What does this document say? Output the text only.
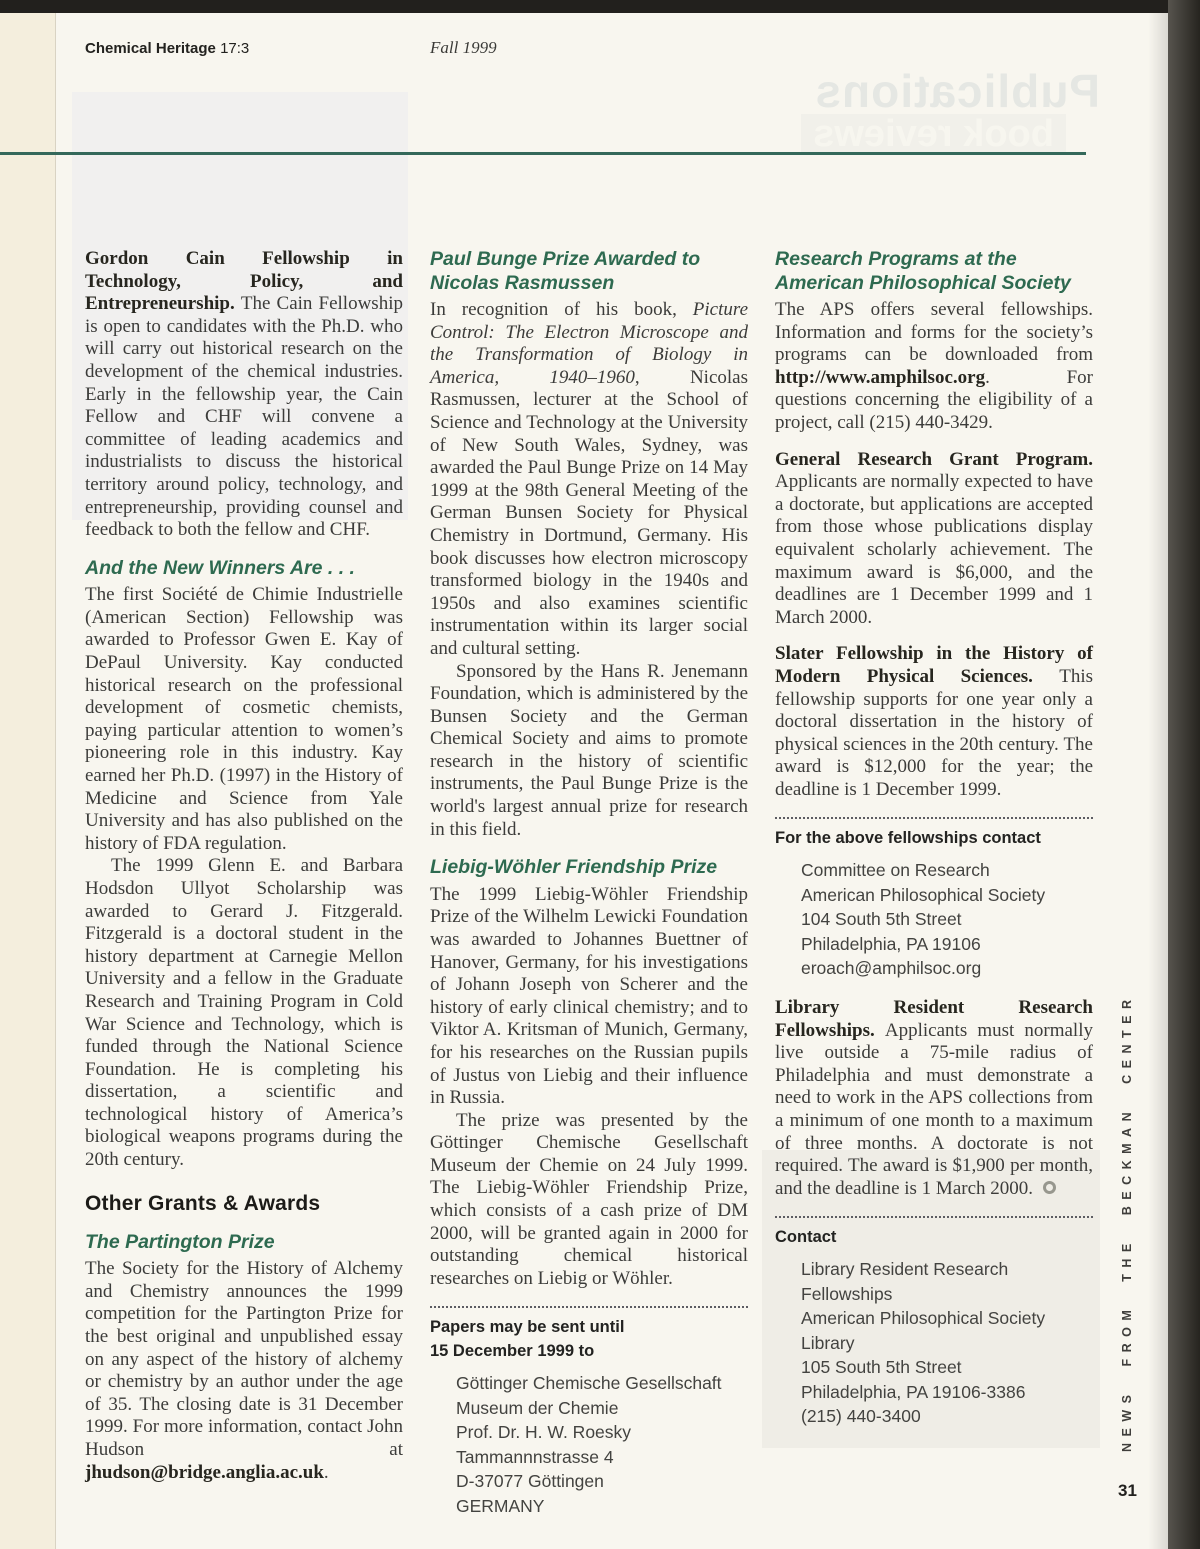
Publications
book reviews
Chemical Heritage 17:3	Fall 1999

Gordon Cain Fellowship in Technology, Policy, and Entrepreneurship. The Cain Fellowship is open to candidates with the Ph.D. who will carry out historical research on the development of the chemical industries. Early in the fellowship year, the Cain Fellow and CHF will convene a committee of leading academics and industrialists to discuss the historical territory around policy, technology, and entrepreneurship, providing counsel and feedback to both the fellow and CHF.

And the New Winners Are . . .

The first Société de Chimie Industrielle (American Section) Fellowship was awarded to Professor Gwen E. Kay of DePaul University. Kay conducted historical research on the professional development of cosmetic chemists, paying particular attention to women’s pioneering role in this industry. Kay earned her Ph.D. (1997) in the History of Medicine and Science from Yale University and has also published on the history of FDA regulation.

The 1999 Glenn E. and Barbara Hodsdon Ullyot Scholarship was awarded to Gerard J. Fitzgerald. Fitzgerald is a doctoral student in the history department at Carnegie Mellon University and a fellow in the Graduate Research and Training Program in Cold War Science and Technology, which is funded through the National Science Foundation. He is completing his dissertation, a scientific and technological history of America’s biological weapons programs during the 20th century.

Other Grants & Awards
The Partington Prize

The Society for the History of Alchemy and Chemistry announces the 1999 competition for the Partington Prize for the best original and unpublished essay on any aspect of the history of alchemy or chemistry by an author under the age of 35. The closing date is 31 December 1999. For more information, contact John Hudson at jhudson@bridge.anglia.ac.uk.

Paul Bunge Prize Awarded to Nicolas Rasmussen

In recognition of his book, Picture Control: The Electron Microscope and the Transformation of Biology in America, 1940–1960, Nicolas Rasmussen, lecturer at the School of Science and Technology at the University of New South Wales, Sydney, was awarded the Paul Bunge Prize on 14 May 1999 at the 98th General Meeting of the German Bunsen Society for Physical Chemistry in Dortmund, Germany. His book discusses how electron microscopy transformed biology in the 1940s and 1950s and also examines scientific instrumentation within its larger social and cultural setting.

Sponsored by the Hans R. Jenemann Foundation, which is administered by the Bunsen Society and the German Chemical Society and aims to promote research in the history of scientific instruments, the Paul Bunge Prize is the world's largest annual prize for research in this field.

Liebig-Wöhler Friendship Prize

The 1999 Liebig-Wöhler Friendship Prize of the Wilhelm Lewicki Foundation was awarded to Johannes Buettner of Hanover, Germany, for his investigations of Johann Joseph von Scherer and the history of early clinical chemistry; and to Viktor A. Kritsman of Munich, Germany, for his researches on the Russian pupils of Justus von Liebig and their influence in Russia.

The prize was presented by the Göttinger Chemische Gesellschaft Museum der Chemie on 24 July 1999. The Liebig-Wöhler Friendship Prize, which consists of a cash prize of DM 2000, will be granted again in 2000 for outstanding chemical historical researches on Liebig or Wöhler.

Papers may be sent until

15 December 1999 to

Göttinger Chemische Gesellschaft
Museum der Chemie
Prof. Dr. H. W. Roesky
Tammannnstrasse 4
D-37077 Göttingen
GERMANY
Research Programs at the American Philosophical Society

The APS offers several fellowships. Information and forms for the society’s programs can be downloaded from http://www.amphilsoc.org. For questions concerning the eligibility of a project, call (215) 440-3429.

General Research Grant Program. Applicants are normally expected to have a doctorate, but applications are accepted from those whose publications display equivalent scholarly achievement. The maximum award is $6,000, and the deadlines are 1 December 1999 and 1 March 2000.

Slater Fellowship in the History of Modern Physical Sciences. This fellowship supports for one year only a doctoral dissertation in the history of physical sciences in the 20th century. The award is $12,000 for the year; the deadline is 1 December 1999.

For the above fellowships contact

Committee on Research
American Philosophical Society
104 South 5th Street
Philadelphia, PA 19106
eroach@amphilsoc.org

Library Resident Research Fellowships. Applicants must normally live outside a 75-mile radius of Philadelphia and must demonstrate a need to work in the APS collections from a minimum of one month to a maximum of three months. A doctorate is not required. The award is $1,900 per month, and the deadline is 1 March 2000.

Contact

Library Resident Research Fellowships
American Philosophical Society Library
105 South 5th Street
Philadelphia, PA 19106-3386
(215) 440-3400	NEWS FROM THE BECKMAN CENTER
31
